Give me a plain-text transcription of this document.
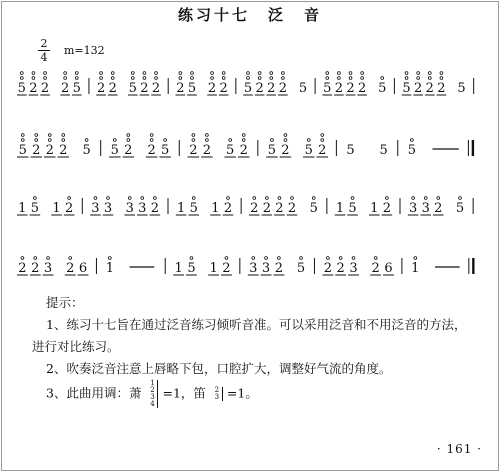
练习十七　泛　音
2
4
m=132
5 2 2 2 5 2 2 5 2 2 2 5 2 2 5 2 2 2 5 5 2 2 2 5 5 2 2 2 5
5 2 2 2 5 5 2 2 5 2 2 5 2 5 2 5 2 5 5 5
1 5 1 2 3 3 3 3 2 1 5 1 2 2 2 2 2 5 1 5 1 2 3 3 2 5
2 2 3 2 6 1	1 5 1 2 3 3 2 5 2 2 3 2 6 1
提示：
1、练习十七旨在通过泛音练习倾听音准。可以采用泛音和不用泛音的方法，
进行对比练习。
2、吹奏泛音注意上唇略下包，口腔扩大，调整好气流的角度。
3、此曲用调：萧1
2
3
4=1，笛 2
3 =1。
· 161 ·
